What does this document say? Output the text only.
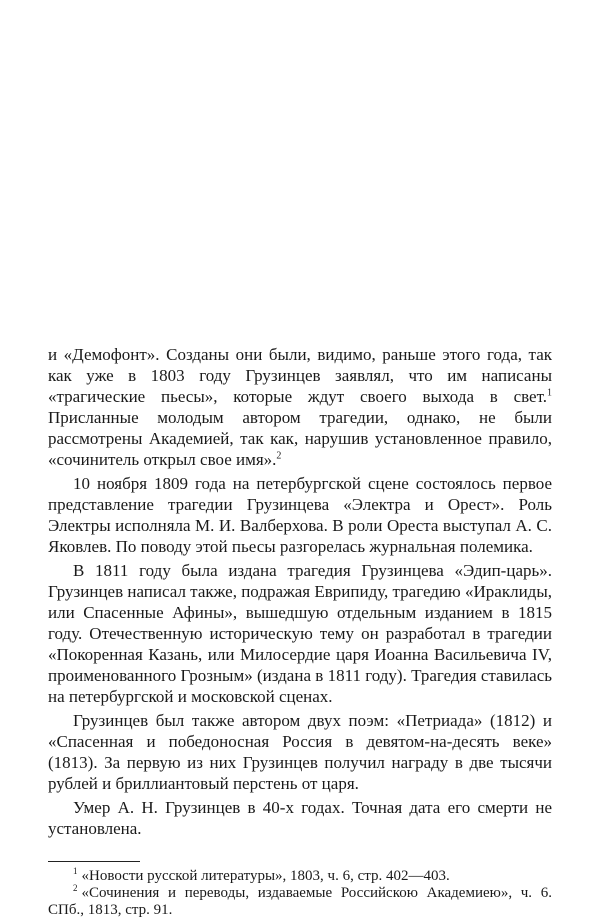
и «Демофонт». Созданы они были, видимо, раньше этого года, так как уже в 1803 году Грузинцев заявлял, что им написаны «трагические пьесы», которые ждут своего выхода в свет.$^1$ Присланные молодым автором трагедии, однако, не были рассмотрены Академией, так как, нарушив установленное правило, «сочинитель открыл свое имя».$^2$

10 ноября 1809 года на петербургской сцене состоялось первое представление трагедии Грузинцева «Электра и Орест». Роль Электры исполняла М. И. Валберхова. В роли Ореста выступал А. С. Яковлев. По поводу этой пьесы разгорелась журнальная полемика.

В 1811 году была издана трагедия Грузинцева «Эдип-царь». Грузинцев написал также, подражая Еврипиду, трагедию «Ираклиды, или Спасенные Афины», вышедшую отдельным изданием в 1815 году. Отечественную историческую тему он разработал в трагедии «Покоренная Казань, или Милосердие царя Иоанна Васильевича IV, проименованного Грозным» (издана в 1811 году). Трагедия ставилась на петербургской и московской сценах.

Грузинцев был также автором двух поэм: «Петриада» (1812) и «Спасенная и победоносная Россия в девятом-на-десять веке» (1813). За первую из них Грузинцев получил награду в две тысячи рублей и бриллиантовый перстень от царя.

Умер А. Н. Грузинцев в 40-х годах. Точная дата его смерти не установлена.

$^1$ «Новости русской литературы», 1803, ч. 6, стр. 402—403.

$^2$ «Сочинения и переводы, издаваемые Российскою Академиею», ч. 6. СПб., 1813, стр. 91.
